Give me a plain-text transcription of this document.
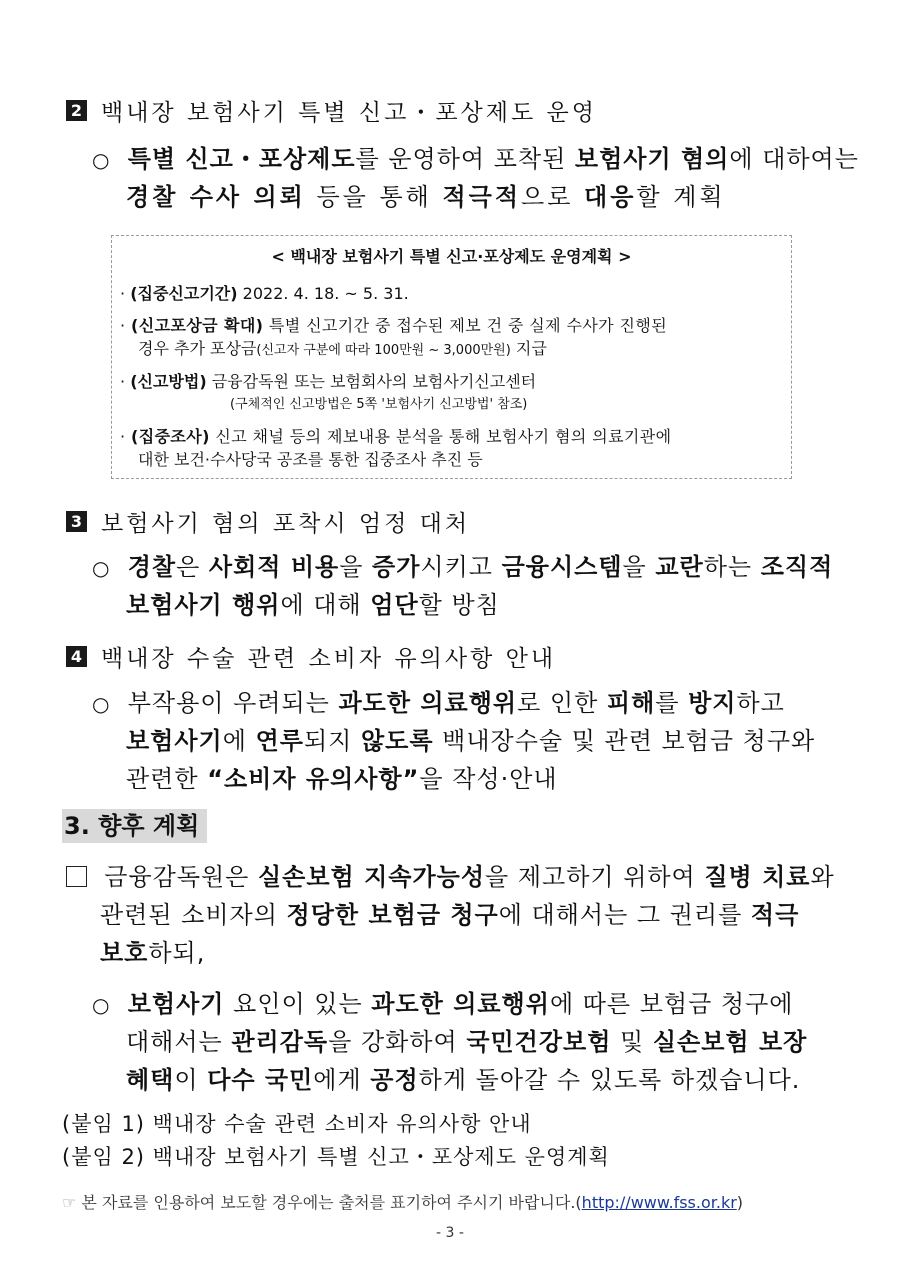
2 백내장 보험사기 특별 신고・포상제도 운영
○ 특별 신고・포상제도를 운영하여 포착된 보험사기 혐의에 대하여는
경찰 수사 의뢰 등을 통해 적극적으로 대응할 계획
< 백내장 보험사기 특별 신고·포상제도 운영계획 >
· (집중신고기간) 2022. 4. 18. ~ 5. 31.
· (신고포상금 확대) 특별 신고기간 중 접수된 제보 건 중 실제 수사가 진행된
경우 추가 포상금(신고자 구분에 따라 100만원 ~ 3,000만원) 지급
· (신고방법) 금융감독원 또는 보험회사의 보험사기신고센터
(구체적인 신고방법은 5쪽 '보험사기 신고방법' 참조)
· (집중조사) 신고 채널 등의 제보내용 분석을 통해 보험사기 혐의 의료기관에
대한 보건·수사당국 공조를 통한 집중조사 추진 등
3 보험사기 혐의 포착시 엄정 대처
○ 경찰은 사회적 비용을 증가시키고 금융시스템을 교란하는 조직적
보험사기 행위에 대해 엄단할 방침
4 백내장 수술 관련 소비자 유의사항 안내
○ 부작용이 우려되는 과도한 의료행위로 인한 피해를 방지하고
보험사기에 연루되지 않도록 백내장수술 및 관련 보험금 청구와
관련한 “소비자 유의사항”을 작성·안내
3. 향후 계획
금융감독원은 실손보험 지속가능성을 제고하기 위하여 질병 치료와
관련된 소비자의 정당한 보험금 청구에 대해서는 그 권리를 적극
보호하되,
○ 보험사기 요인이 있는 과도한 의료행위에 따른 보험금 청구에
대해서는 관리감독을 강화하여 국민건강보험 및 실손보험 보장
혜택이 다수 국민에게 공정하게 돌아갈 수 있도록 하겠습니다.
(붙임 1) 백내장 수술 관련 소비자 유의사항 안내
(붙임 2) 백내장 보험사기 특별 신고・포상제도 운영계획
☞ 본 자료를 인용하여 보도할 경우에는 출처를 표기하여 주시기 바랍니다.(http://www.fss.or.kr)
- 3 -
